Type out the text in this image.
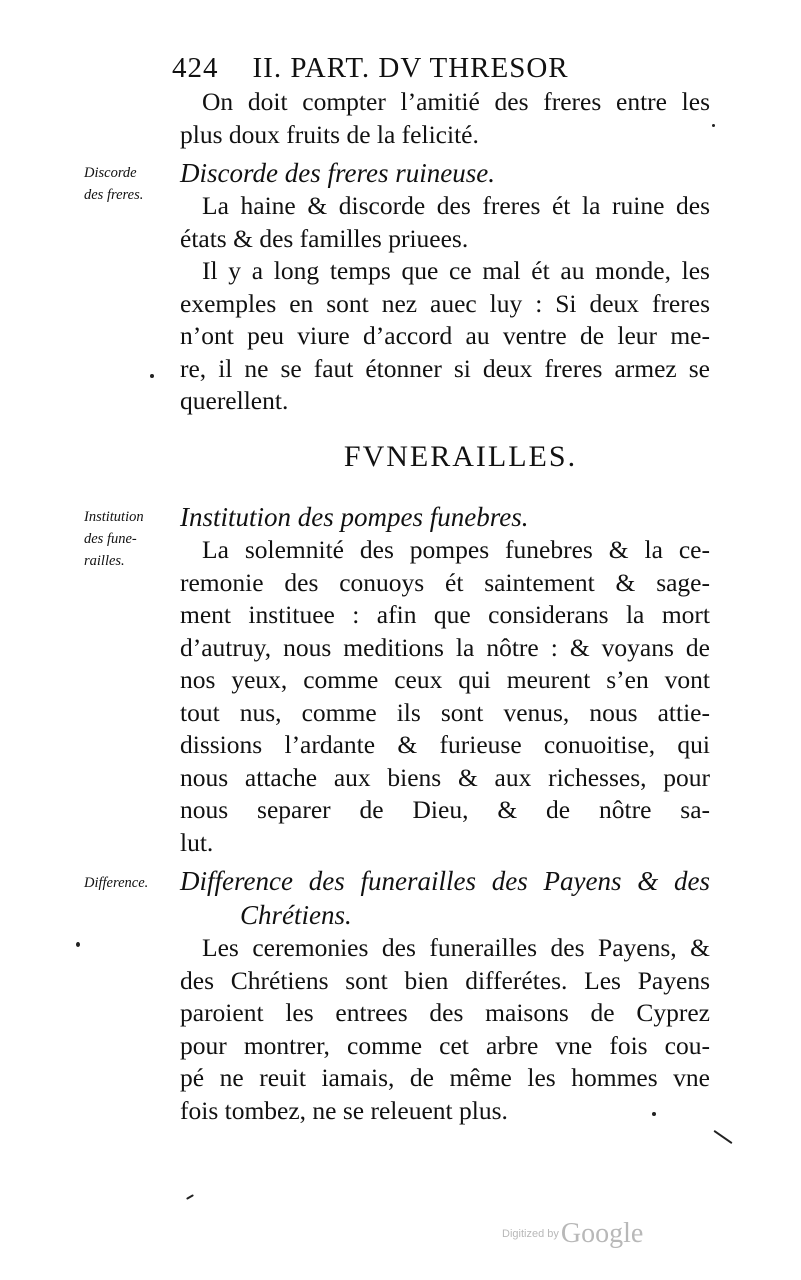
424 II. PART. DV THRESOR
On doit compter l’amitié des freres entre les
plus doux fruits de la felicité.
Discorde
des freres.
Discorde des freres ruineuse.
La haine & discorde des freres ét la ruine des
états & des familles priuees.
Il y a long temps que ce mal ét au monde, les
exemples en sont nez auec luy : Si deux freres
n’ont peu viure d’accord au ventre de leur me-
re, il ne se faut étonner si deux freres armez se
querellent.
FVNERAILLES.
Institution
des fune-
railles.
Institution des pompes funebres.
La solemnité des pompes funebres & la ce-
remonie des conuoys ét saintement & sage-
ment instituee : afin que considerans la mort
d’autruy, nous meditions la nôtre : & voyans de
nos yeux, comme ceux qui meurent s’en vont
tout nus, comme ils sont venus, nous attie-
dissions l’ardante & furieuse conuoitise, qui
nous attache aux biens & aux richesses, pour
nous separer de Dieu, & de nôtre sa-
lut.
Difference.	Difference des funerailles des Payens & des
Chrétiens.
Les ceremonies des funerailles des Payens, &
des Chrétiens sont bien differétes. Les Payens
paroient les entrees des maisons de Cyprez
pour montrer, comme cet arbre vne fois cou-
pé ne reuit iamais, de même les hommes vne
fois tombez, ne se releuent plus.
Digitized byGoogle
